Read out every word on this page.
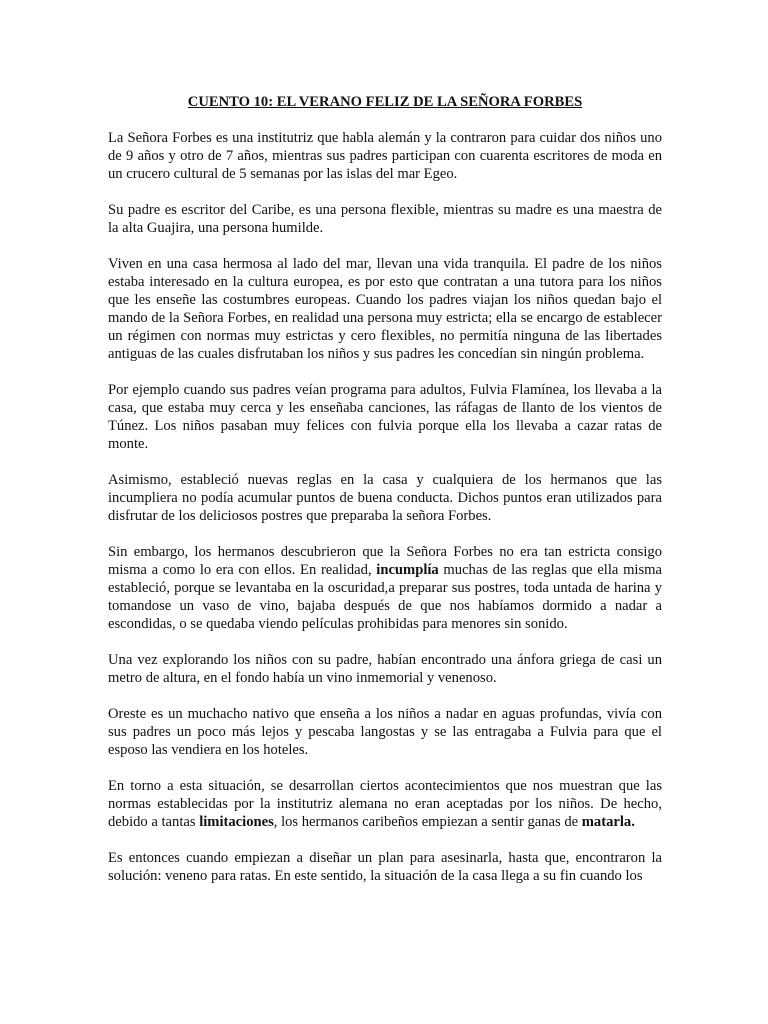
CUENTO 10: EL VERANO FELIZ DE LA SEÑORA FORBES

La Señora Forbes es una institutriz que habla alemán y la contraron para cuidar dos niños uno de 9 años y otro de 7 años, mientras sus padres participan con cuarenta escritores de moda en un crucero cultural de 5 semanas por las islas del mar Egeo.

Su padre es escritor del Caribe, es una persona flexible, mientras su madre es una maestra de la alta Guajira, una persona humilde.

Viven en una casa hermosa al lado del mar, llevan una vida tranquila. El padre de los niños estaba interesado en la cultura europea, es por esto que contratan a una tutora para los niños que les enseñe las costumbres europeas. Cuando los padres viajan los niños quedan bajo el mando de la Señora Forbes, en realidad una persona muy estricta; ella se encargo de establecer un régimen con normas muy estrictas y cero flexibles, no permitía ninguna de las libertades antiguas de las cuales disfrutaban los niños y sus padres les concedían sin ningún problema.

Por ejemplo cuando sus padres veían programa para adultos, Fulvia Flamínea, los llevaba a la casa, que estaba muy cerca y les enseñaba canciones, las ráfagas de llanto de los vientos de Túnez. Los niños pasaban muy felices con fulvia porque ella los llevaba a cazar ratas de monte.

Asimismo, estableció nuevas reglas en la casa y cualquiera de los hermanos que las incumpliera no podía acumular puntos de buena conducta. Dichos puntos eran utilizados para disfrutar de los deliciosos postres que preparaba la señora Forbes.

Sin embargo, los hermanos descubrieron que la Señora Forbes no era tan estricta consigo misma a como lo era con ellos. En realidad, incumplía muchas de las reglas que ella misma estableció, porque se levantaba en la oscuridad,a preparar sus postres, toda untada de harina y tomandose un vaso de vino, bajaba después de que nos habíamos dormido a nadar a escondidas, o se quedaba viendo películas prohibidas para menores sin sonido.

Una vez explorando los niños con su padre, habían encontrado una ánfora griega de casi un metro de altura, en el fondo había un vino inmemorial y venenoso.

Oreste es un muchacho nativo que enseña a los niños a nadar en aguas profundas, vivía con sus padres un poco más lejos y pescaba langostas y se las entragaba a Fulvia para que el esposo las vendiera en los hoteles.

En torno a esta situación, se desarrollan ciertos acontecimientos que nos muestran que las normas establecidas por la institutriz alemana no eran aceptadas por los niños. De hecho, debido a tantas limitaciones, los hermanos caribeños empiezan a sentir ganas de matarla.

Es entonces cuando empiezan a diseñar un plan para asesinarla, hasta que, encontraron la solución: veneno para ratas. En este sentido, la situación de la casa llega a su fin cuando los
